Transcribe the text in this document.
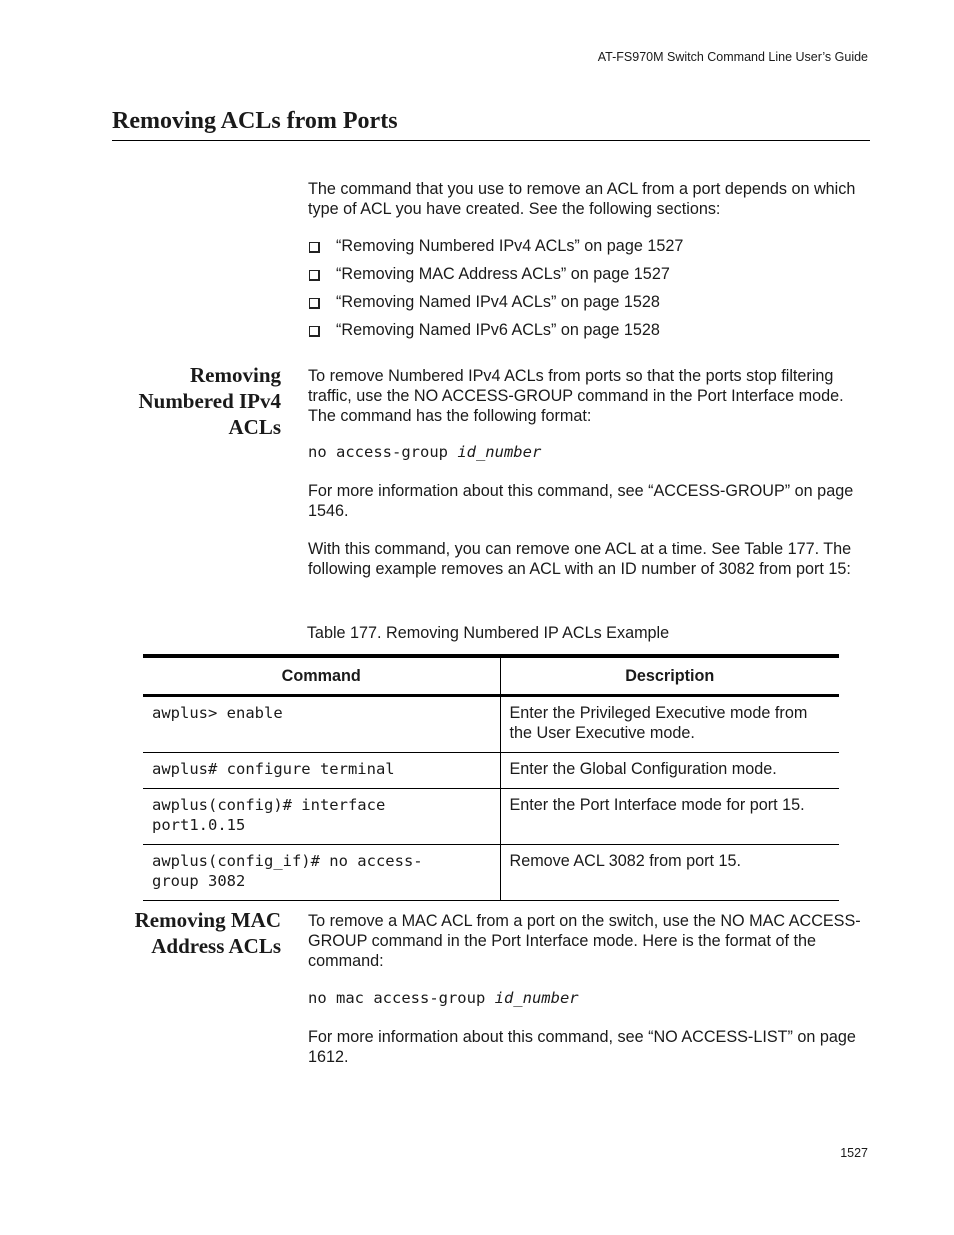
AT-FS970M Switch Command Line User’s Guide
Removing ACLs from Ports

The command that you use to remove an ACL from a port depends on which type of ACL you have created. See the following sections:

“Removing Numbered IPv4 ACLs” on page 1527
“Removing MAC Address ACLs” on page 1527
“Removing Named IPv4 ACLs” on page 1528
“Removing Named IPv6 ACLs” on page 1528
Removing
Numbered IPv4
ACLs

To remove Numbered IPv4 ACLs from ports so that the ports stop filtering traffic, use the NO ACCESS-GROUP command in the Port Interface mode. The command has the following format:

no access-group id_number

For more information about this command, see “ACCESS-GROUP” on page 1546.

With this command, you can remove one ACL at a time. See Table 177. The following example removes an ACL with an ID number of 3082 from port 15:

Table 177. Removing Numbered IP ACLs Example

Command	Description
awplus> enable	Enter the Privileged Executive mode from the User Executive mode.
awplus# configure terminal	Enter the Global Configuration mode.
awplus(config)# interface
port1.0.15	Enter the Port Interface mode for port 15.
awplus(config_if)# no access-
group 3082	Remove ACL 3082 from port 15.
Removing MAC
Address ACLs

To remove a MAC ACL from a port on the switch, use the NO MAC ACCESS-GROUP command in the Port Interface mode. Here is the format of the command:

no mac access-group id_number

For more information about this command, see “NO ACCESS-LIST” on page 1612.

1527
